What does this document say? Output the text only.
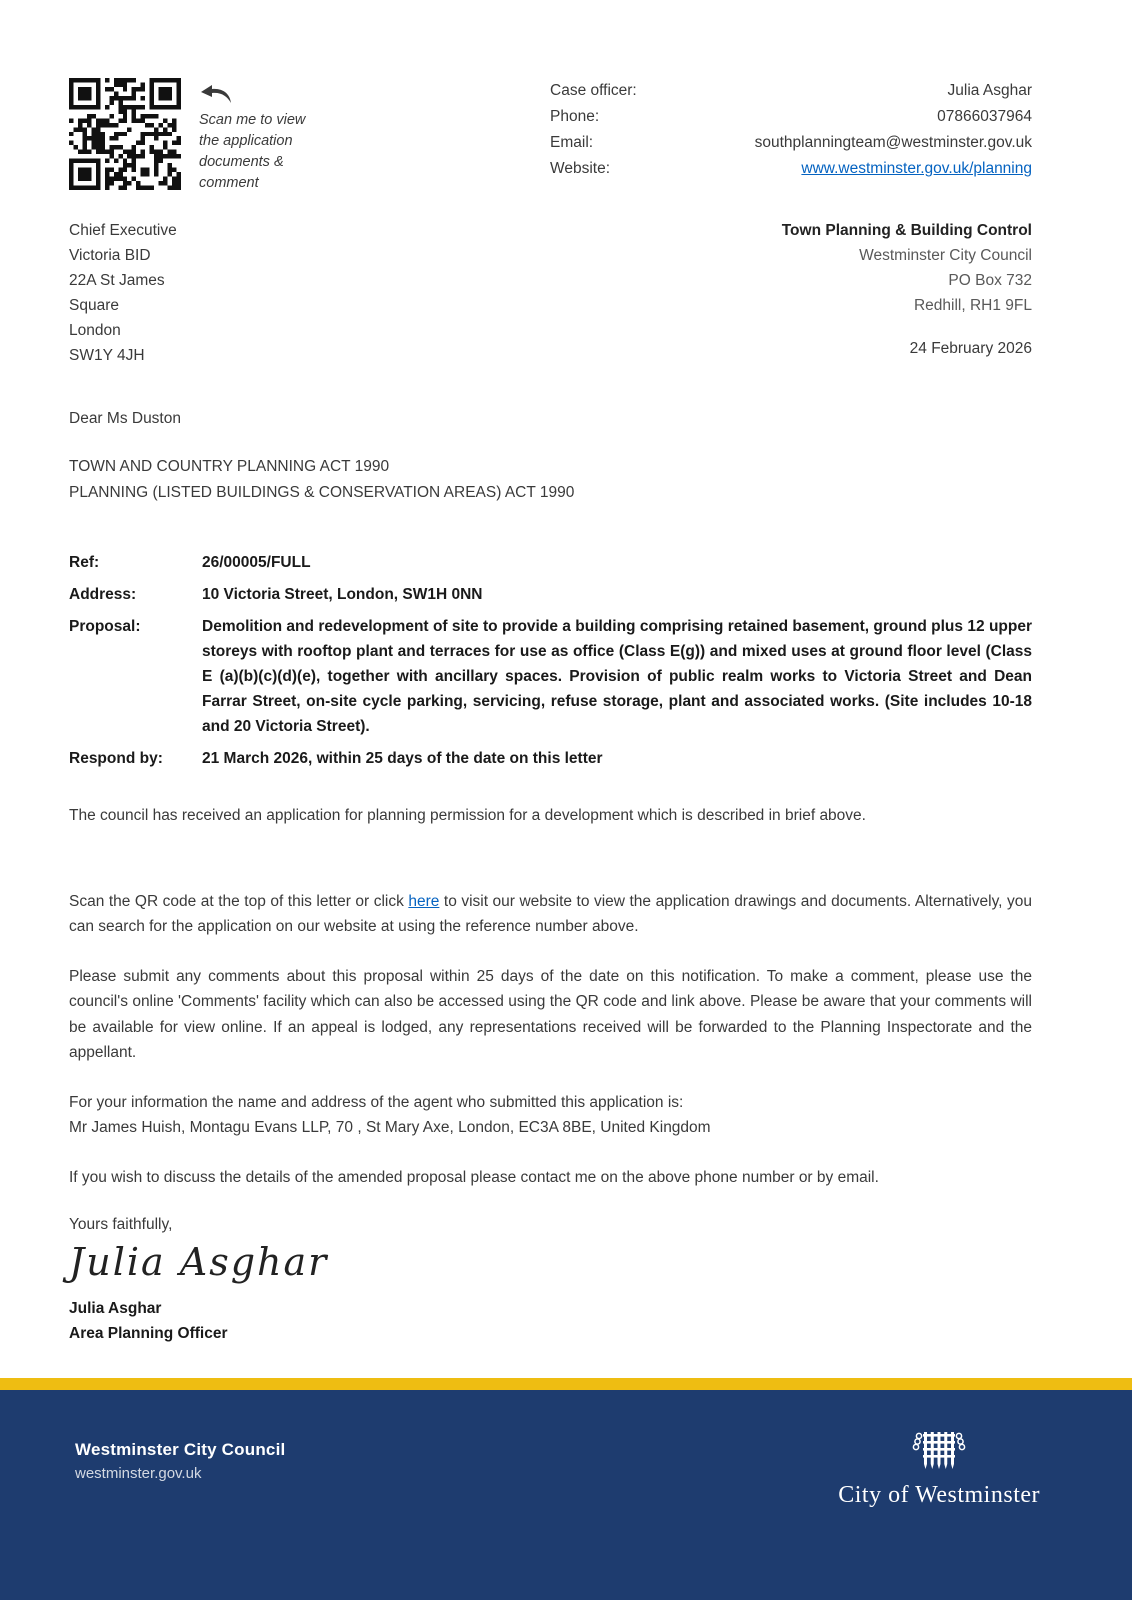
Scan me to view the application documents & comment
Case officer:	Julia Asghar
Phone:	07866037964
Email:	southplanningteam@westminster.gov.uk
Website:	www.westminster.gov.uk/planning
Chief Executive
Victoria BID
22A St James
Square
London
SW1Y 4JH
Town Planning & Building Control
Westminster City Council
PO Box 732
Redhill, RH1 9FL
24 February 2026
Dear Ms Duston
TOWN AND COUNTRY PLANNING ACT 1990
PLANNING (LISTED BUILDINGS & CONSERVATION AREAS) ACT 1990
Ref:	26/00005/FULL
Address:	10 Victoria Street, London, SW1H 0NN
Proposal:	Demolition and redevelopment of site to provide a building comprising retained basement, ground plus 12 upper storeys with rooftop plant and terraces for use as office (Class E(g)) and mixed uses at ground floor level (Class E (a)(b)(c)(d)(e), together with ancillary spaces. Provision of public realm works to Victoria Street and Dean Farrar Street, on-site cycle parking, servicing, refuse storage, plant and associated works. (Site includes 10-18 and 20 Victoria Street).
Respond by:	21 March 2026, within 25 days of the date on this letter

The council has received an application for planning permission for a development which is described in brief above.

Scan the QR code at the top of this letter or click here to visit our website to view the application drawings and documents. Alternatively, you can search for the application on our website at using the reference number above.

Please submit any comments about this proposal within 25 days of the date on this notification. To make a comment, please use the council's online 'Comments' facility which can also be accessed using the QR code and link above. Please be aware that your comments will be available for view online. If an appeal is lodged, any representations received will be forwarded to the Planning Inspectorate and the appellant.

For your information the name and address of the agent who submitted this application is:
Mr James Huish, Montagu Evans LLP, 70 , St Mary Axe, London, EC3A 8BE, United Kingdom

If you wish to discuss the details of the amended proposal please contact me on the above phone number or by email.

Yours faithfully,
Julia Asghar
Julia Asghar
Area Planning Officer
Westminster City Council
westminster.gov.uk
City of Westminster
